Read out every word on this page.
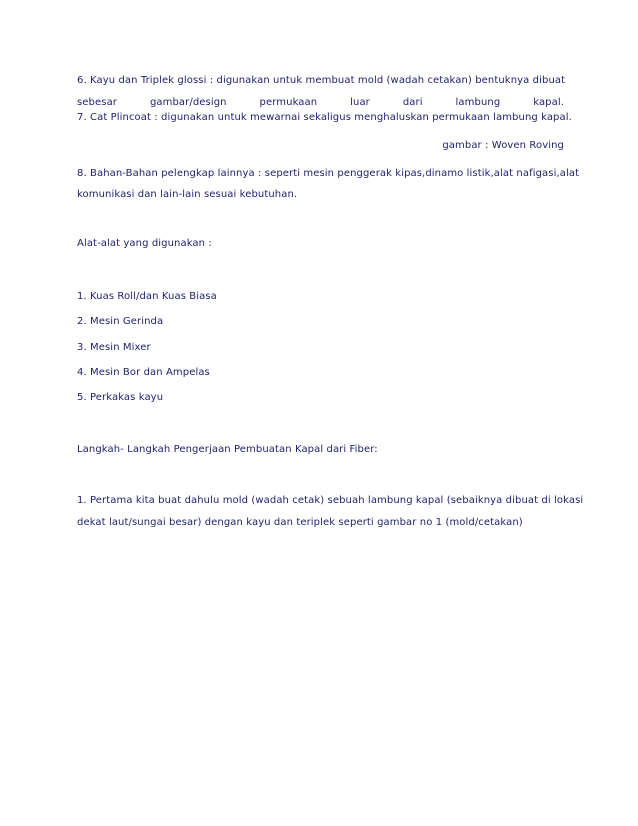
6. Kayu dan Triplek glossi : digunakan untuk membuat mold (wadah cetakan) bentuknya dibuat
sebesar gambar/design permukaan luar dari lambung kapal.
7. Cat Plincoat : digunakan untuk mewarnai sekaligus menghaluskan permukaan lambung kapal.
gambar : Woven Roving
8. Bahan-Bahan pelengkap lainnya : seperti mesin penggerak kipas,dinamo listik,alat nafigasi,alat
komunikasi dan lain-lain sesuai kebutuhan.
Alat-alat yang digunakan :
1. Kuas Roll/dan Kuas Biasa
2. Mesin Gerinda
3. Mesin Mixer
4. Mesin Bor dan Ampelas
5. Perkakas kayu
Langkah- Langkah Pengerjaan Pembuatan Kapal dari Fiber:
1. Pertama kita buat dahulu mold (wadah cetak) sebuah lambung kapal (sebaiknya dibuat di lokasi
dekat laut/sungai besar) dengan kayu dan teriplek seperti gambar no 1 (mold/cetakan)
